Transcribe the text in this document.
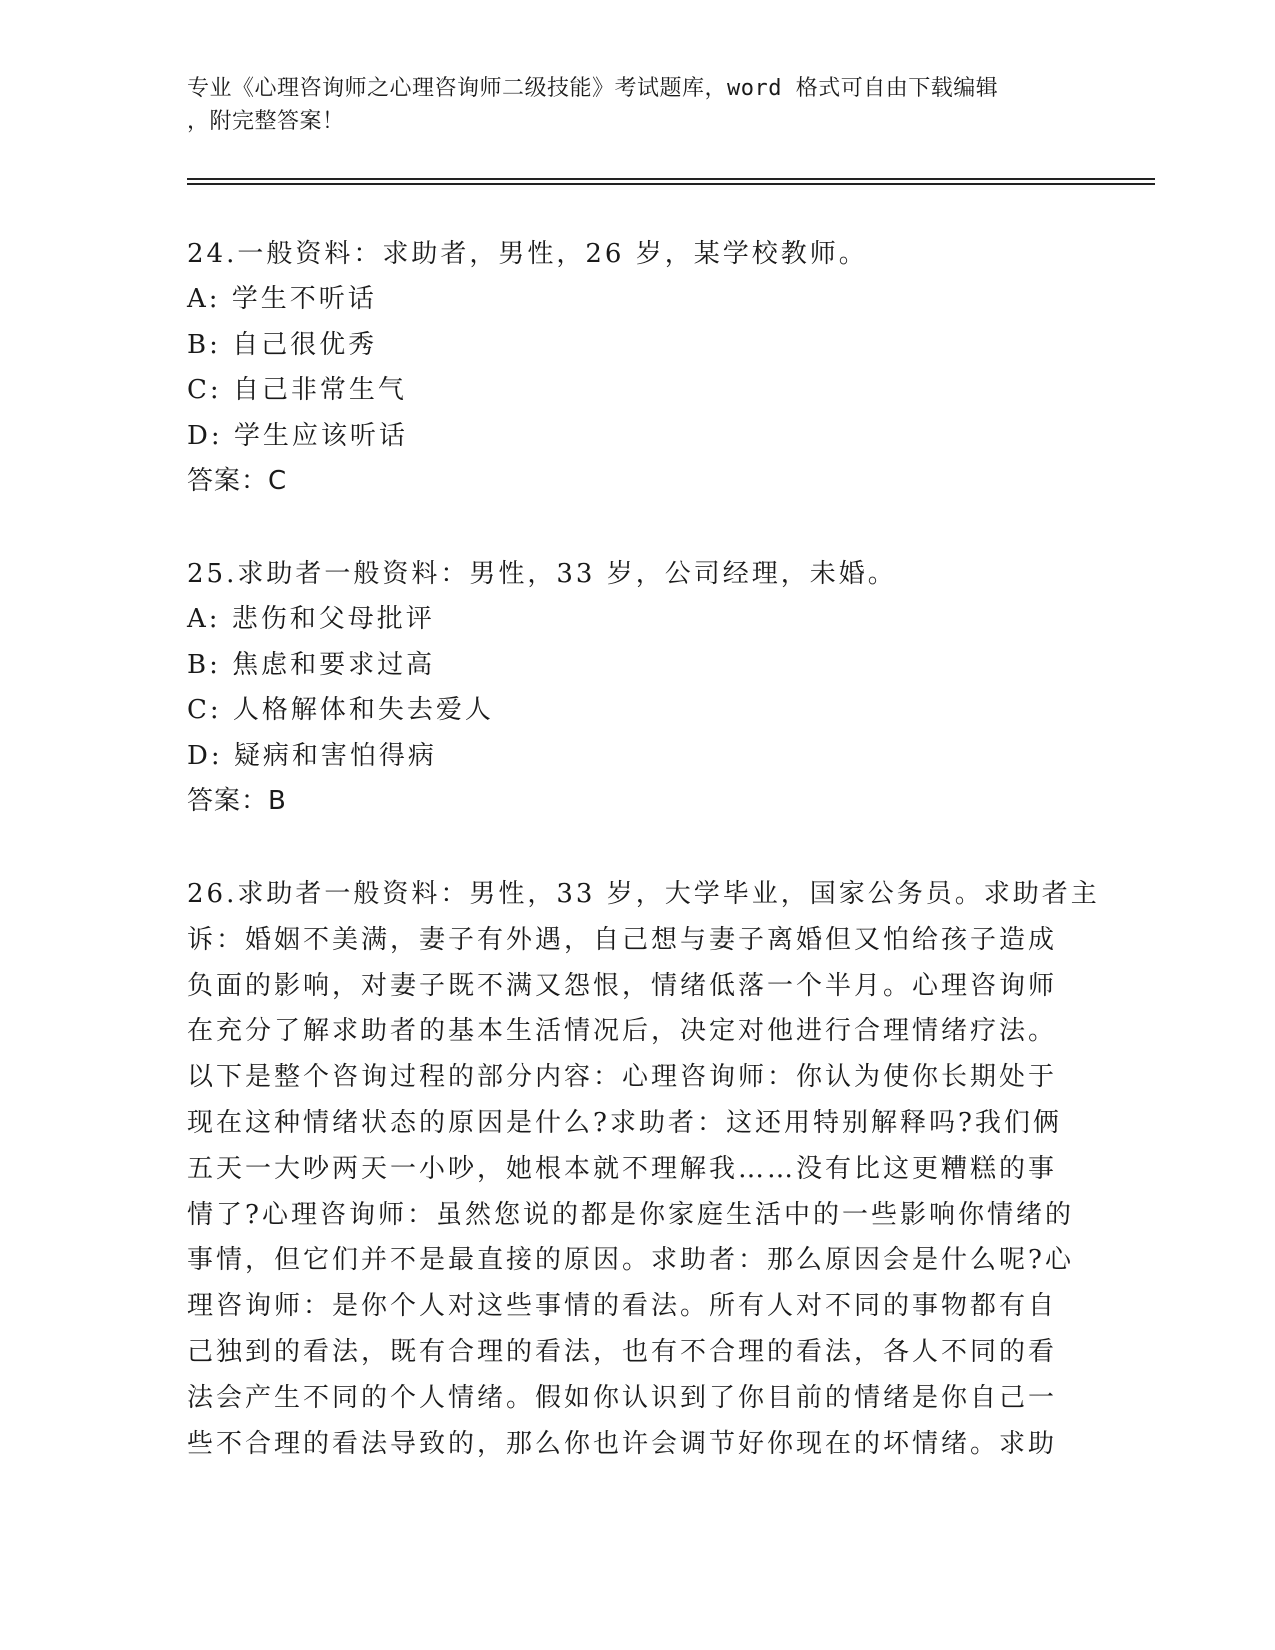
专业《心理咨询师之心理咨询师二级技能》考试题库，word 格式可自由下载编辑
，附完整答案！
24.一般资料：求助者，男性，26 岁，某学校教师。
A: 学生不听话
B: 自己很优秀
C: 自己非常生气
D: 学生应该听话
答案：C
25.求助者一般资料：男性，33 岁，公司经理，未婚。
A: 悲伤和父母批评
B: 焦虑和要求过高
C: 人格解体和失去爱人
D: 疑病和害怕得病
答案：B
26.求助者一般资料：男性，33 岁，大学毕业，国家公务员。求助者主
诉：婚姻不美满，妻子有外遇，自己想与妻子离婚但又怕给孩子造成
负面的影响，对妻子既不满又怨恨，情绪低落一个半月。心理咨询师
在充分了解求助者的基本生活情况后，决定对他进行合理情绪疗法。
以下是整个咨询过程的部分内容：心理咨询师：你认为使你长期处于
现在这种情绪状态的原因是什么?求助者：这还用特别解释吗?我们俩
五天一大吵两天一小吵，她根本就不理解我……没有比这更糟糕的事
情了?心理咨询师：虽然您说的都是你家庭生活中的一些影响你情绪的
事情，但它们并不是最直接的原因。求助者：那么原因会是什么呢?心
理咨询师：是你个人对这些事情的看法。所有人对不同的事物都有自
己独到的看法，既有合理的看法，也有不合理的看法，各人不同的看
法会产生不同的个人情绪。假如你认识到了你目前的情绪是你自己一
些不合理的看法导致的，那么你也许会调节好你现在的坏情绪。求助
